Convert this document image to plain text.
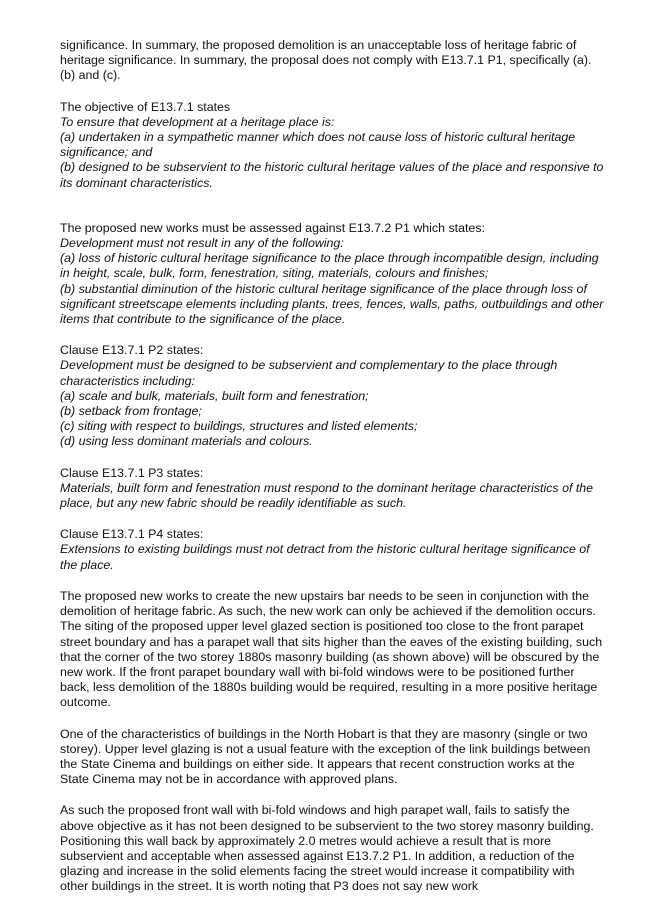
significance. In summary, the proposed demolition is an unacceptable loss of heritage fabric of heritage significance. In summary, the proposal does not comply with E13.7.1 P1, specifically (a). (b) and (c).

The objective of E13.7.1 states

To ensure that development at a heritage place is:

(a) undertaken in a sympathetic manner which does not cause loss of historic cultural heritage significance; and

(b) designed to be subservient to the historic cultural heritage values of the place and responsive to its dominant characteristics.

The proposed new works must be assessed against E13.7.2 P1 which states:

Development must not result in any of the following:

(a) loss of historic cultural heritage significance to the place through incompatible design, including in height, scale, bulk, form, fenestration, siting, materials, colours and finishes;

(b) substantial diminution of the historic cultural heritage significance of the place through loss of significant streetscape elements including plants, trees, fences, walls, paths, outbuildings and other items that contribute to the significance of the place.

Clause E13.7.1 P2 states:

Development must be designed to be subservient and complementary to the place through characteristics including:

(a) scale and bulk, materials, built form and fenestration;

(b) setback from frontage;

(c) siting with respect to buildings, structures and listed elements;

(d) using less dominant materials and colours.

Clause E13.7.1 P3 states:

Materials, built form and fenestration must respond to the dominant heritage characteristics of the place, but any new fabric should be readily identifiable as such.

Clause E13.7.1 P4 states:

Extensions to existing buildings must not detract from the historic cultural heritage significance of the place.

The proposed new works to create the new upstairs bar needs to be seen in conjunction with the demolition of heritage fabric. As such, the new work can only be achieved if the demolition occurs. The siting of the proposed upper level glazed section is positioned too close to the front parapet street boundary and has a parapet wall that sits higher than the eaves of the existing building, such that the corner of the two storey 1880s masonry building (as shown above) will be obscured by the new work. If the front parapet boundary wall with bi-fold windows were to be positioned further back, less demolition of the 1880s building would be required, resulting in a more positive heritage outcome.

One of the characteristics of buildings in the North Hobart is that they are masonry (single or two storey). Upper level glazing is not a usual feature with the exception of the link buildings between the State Cinema and buildings on either side. It appears that recent construction works at the State Cinema may not be in accordance with approved plans.

As such the proposed front wall with bi-fold windows and high parapet wall, fails to satisfy the above objective as it has not been designed to be subservient to the two storey masonry building. Positioning this wall back by approximately 2.0 metres would achieve a result that is more subservient and acceptable when assessed against E13.7.2 P1. In addition, a reduction of the glazing and increase in the solid elements facing the street would increase it compatibility with other buildings in the street. It is worth noting that P3 does not say new work
